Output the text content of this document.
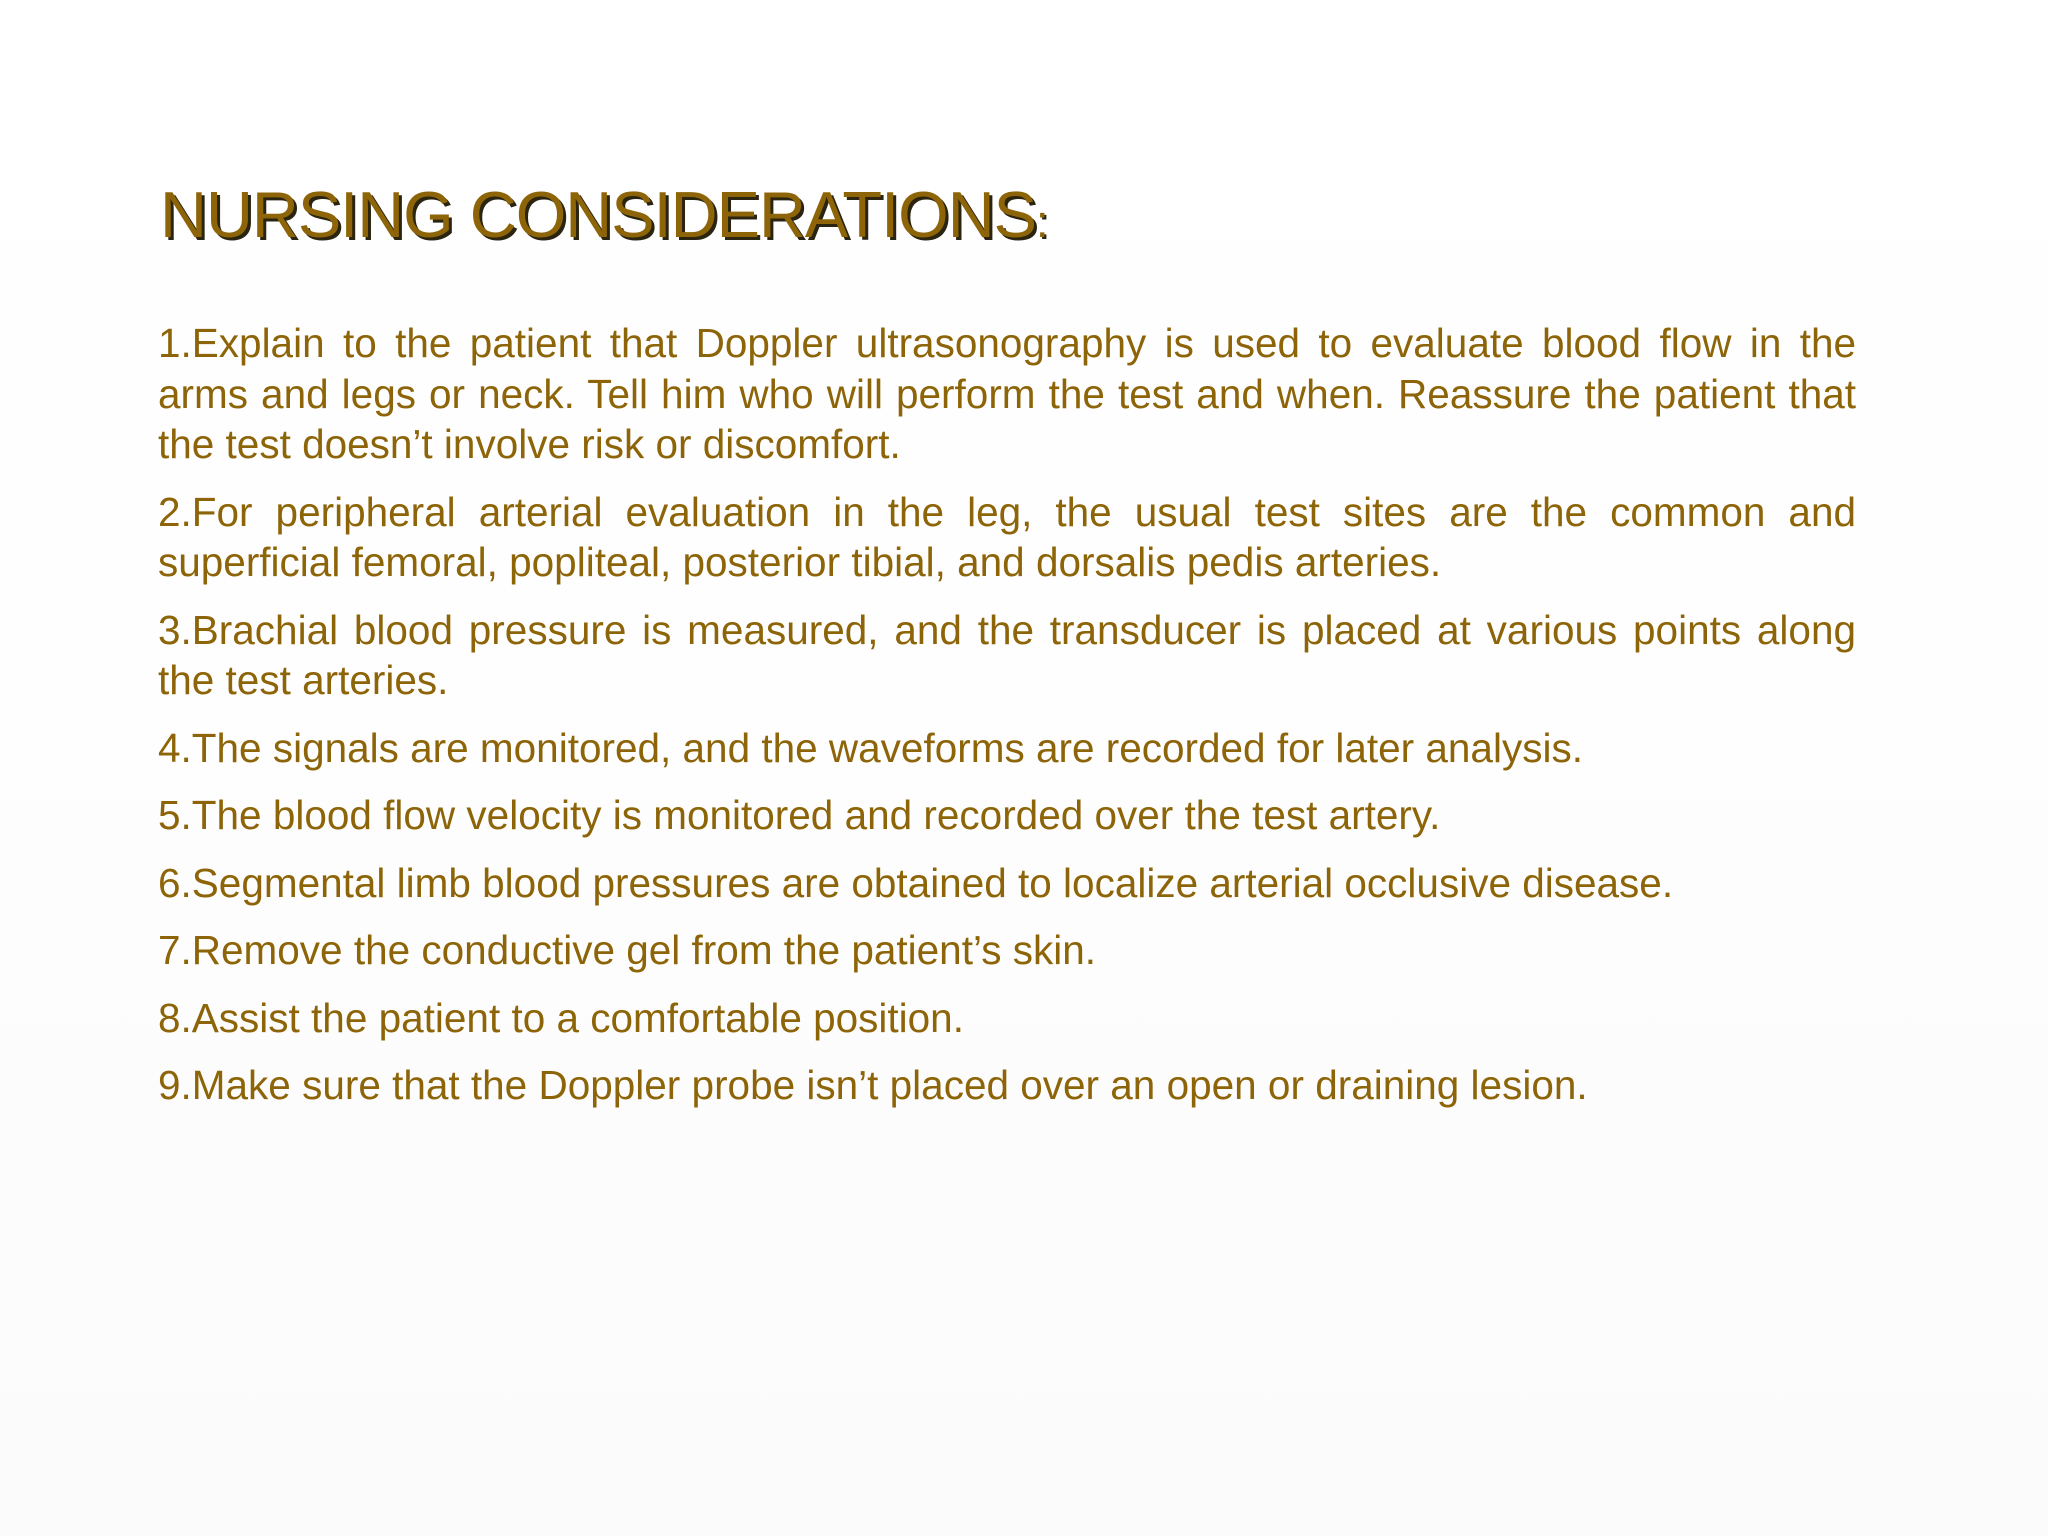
NURSING CONSIDERATIONS:
1.Explain to the patient that Doppler ultrasonography is used to evaluate blood flow in the arms and legs or neck. Tell him who will perform the test and when. Reassure the patient that the test doesn’t involve risk or discomfort.
2.For peripheral arterial evaluation in the leg, the usual test sites are the common and superficial femoral, popliteal, posterior tibial, and dorsalis pedis arteries.
3.Brachial blood pressure is measured, and the transducer is placed at various points along the test arteries.
4.The signals are monitored, and the waveforms are recorded for later analysis.
5.The blood flow velocity is monitored and recorded over the test artery.
6.Segmental limb blood pressures are obtained to localize arterial occlusive disease.
7.Remove the conductive gel from the patient’s skin.
8.Assist the patient to a comfortable position.
9.Make sure that the Doppler probe isn’t placed over an open or draining lesion.
